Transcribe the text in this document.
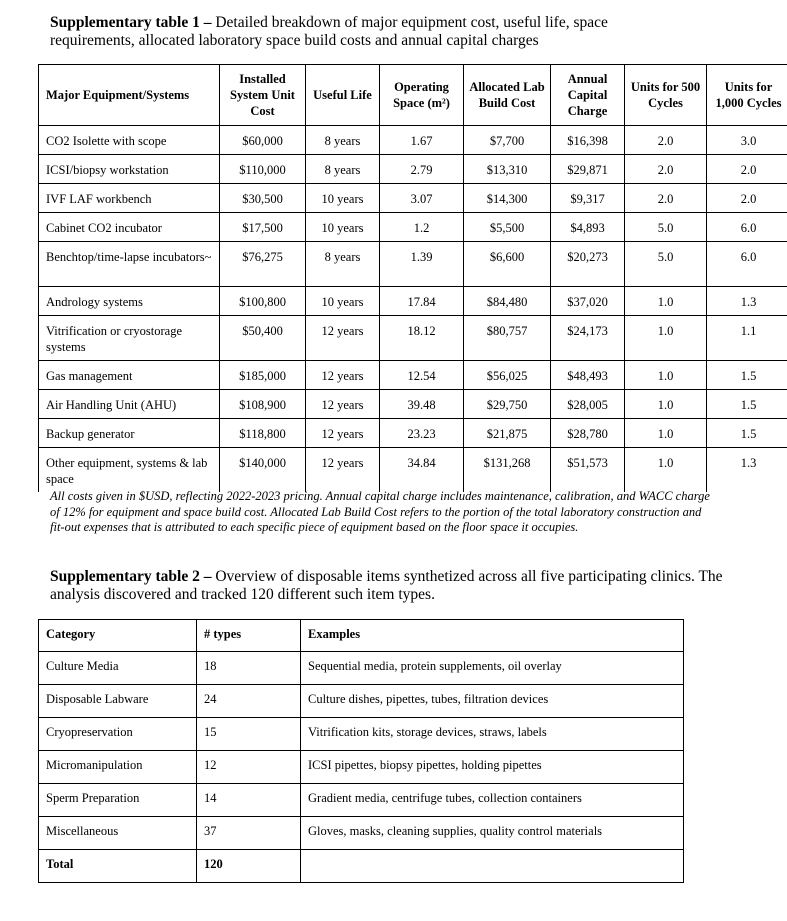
Supplementary table 1 – Detailed breakdown of major equipment cost, useful life, space requirements, allocated laboratory space build costs and annual capital charges

Major Equipment/Systems	Installed System Unit Cost	Useful Life	Operating Space (m²)	Allocated Lab Build Cost	Annual Capital Charge	Units for 500 Cycles	Units for 1,000 Cycles
CO2 Isolette with scope	$60,000	8 years	1.67	$7,700	$16,398	2.0	3.0
ICSI/biopsy workstation	$110,000	8 years	2.79	$13,310	$29,871	2.0	2.0
IVF LAF workbench	$30,500	10 years	3.07	$14,300	$9,317	2.0	2.0
Cabinet CO2 incubator	$17,500	10 years	1.2	$5,500	$4,893	5.0	6.0
Benchtop/time-lapse incubators~	$76,275	8 years	1.39	$6,600	$20,273	5.0	6.0
Andrology systems	$100,800	10 years	17.84	$84,480	$37,020	1.0	1.3
Vitrification or cryostorage systems	$50,400	12 years	18.12	$80,757	$24,173	1.0	1.1
Gas management	$185,000	12 years	12.54	$56,025	$48,493	1.0	1.5
Air Handling Unit (AHU)	$108,900	12 years	39.48	$29,750	$28,005	1.0	1.5
Backup generator	$118,800	12 years	23.23	$21,875	$28,780	1.0	1.5
Other equipment, systems & lab space	$140,000	12 years	34.84	$131,268	$51,573	1.0	1.3

All costs given in $USD, reflecting 2022-2023 pricing. Annual capital charge includes maintenance, calibration, and WACC charge of 12% for equipment and space build cost. Allocated Lab Build Cost refers to the portion of the total laboratory construction and fit-out expenses that is attributed to each specific piece of equipment based on the floor space it occupies.

Supplementary table 2 – Overview of disposable items synthetized across all five participating clinics. The analysis discovered and tracked 120 different such item types.

Category	# types	Examples
Culture Media	18	Sequential media, protein supplements, oil overlay
Disposable Labware	24	Culture dishes, pipettes, tubes, filtration devices
Cryopreservation	15	Vitrification kits, storage devices, straws, labels
Micromanipulation	12	ICSI pipettes, biopsy pipettes, holding pipettes
Sperm Preparation	14	Gradient media, centrifuge tubes, collection containers
Miscellaneous	37	Gloves, masks, cleaning supplies, quality control materials
Total	120	
